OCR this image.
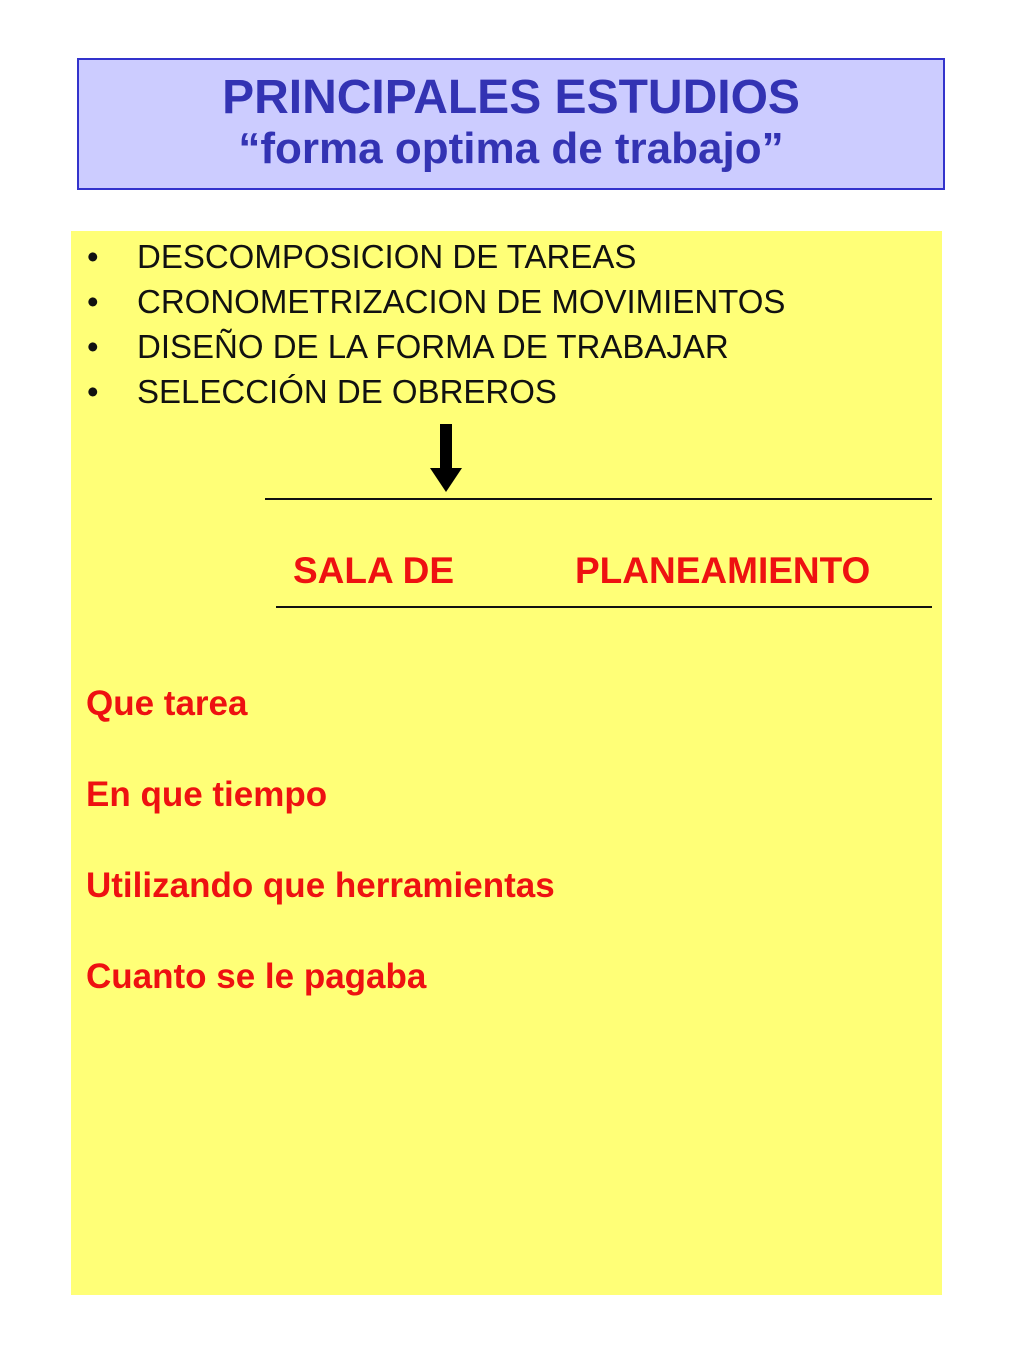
PRINCIPALES ESTUDIOS
“forma optima de trabajo”
•	DESCOMPOSICION DE TAREAS
•	CRONOMETRIZACION DE MOVIMIENTOS
•	DISEÑO DE LA FORMA DE TRABAJAR
•	SELECCIÓN DE OBREROS
SALA DE	PLANEAMIENTO
Que tarea
En que tiempo
Utilizando que herramientas
Cuanto se le pagaba
